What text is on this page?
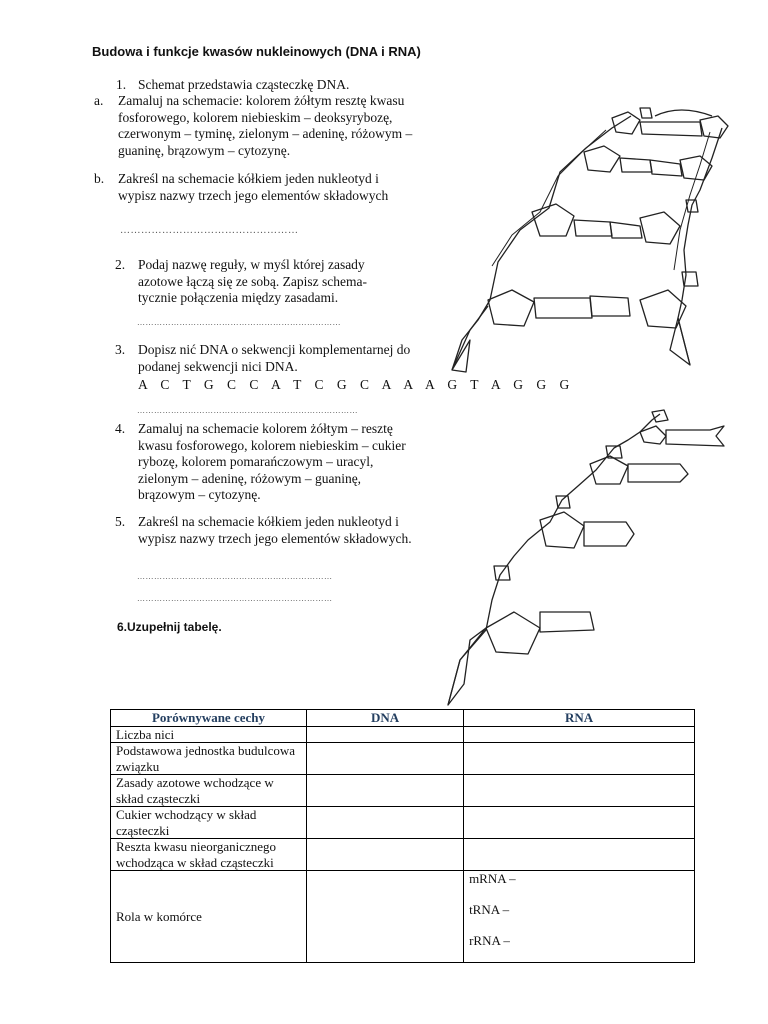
Budowa i funkcje kwasów nukleinowych (DNA i RNA)
1. Schemat przedstawia cząsteczkę DNA.
a. Zamaluj na schemacie: kolorem żółtym resztę kwasu
fosforowego, kolorem niebieskim – deoksyrybozę,
czerwonym – tyminę, zielonym – adeninę, różowym –
guaninę, brązowym – cytozynę.
b. Zakreśl na schemacie kółkiem jeden nukleotyd i
wypisz nazwy trzech jego elementów składowych
……………………………………………
2. Podaj nazwę reguły, w myśl której zasady
azotowe łączą się ze sobą. Zapisz schema-
tycznie połączenia między zasadami.
………………………………………………………………
3. Dopisz nić DNA o sekwencji komplementarnej do
podanej sekwencji nici DNA.
A C T G C C A T C G C A A A G T A G G G
……………………………………………………………………
4. Zamaluj na schemacie kolorem żółtym – resztę
kwasu fosforowego, kolorem niebieskim – cukier
rybozę, kolorem pomarańczowym – uracyl,
zielonym – adeninę, różowym – guaninę,
brązowym – cytozynę.
5. Zakreśl na schemacie kółkiem jeden nukleotyd i
wypisz nazwy trzech jego elementów składowych.
……………………………………………………………
……………………………………………………………
6.Uzupełnij tabelę.
Porównywane cechy	DNA	RNA
Liczba nici		
Podstawowa jednostka budulcowa związku		
Zasady azotowe wchodzące w skład cząsteczki		
Cukier wchodzący w skład cząsteczki		
Reszta kwasu nieorganicznego wchodząca w skład cząsteczki		
Rola w komórce		mRNA –
tRNA –
rRNA –
